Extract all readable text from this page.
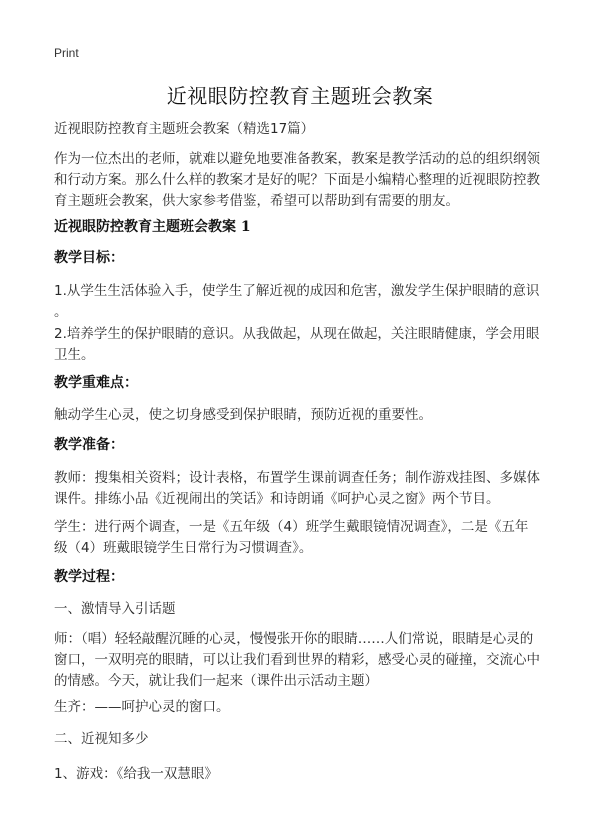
Print
近视眼防控教育主题班会教案
近视眼防控教育主题班会教案（精选17篇）
作为一位杰出的老师，就难以避免地要准备教案，教案是教学活动的总的组织纲领
和行动方案。那么什么样的教案才是好的呢？下面是小编精心整理的近视眼防控教
育主题班会教案，供大家参考借鉴，希望可以帮助到有需要的朋友。
近视眼防控教育主题班会教案 1
教学目标：
1.从学生生活体验入手，使学生了解近视的成因和危害，激发学生保护眼睛的意识
。
2.培养学生的保护眼睛的意识。从我做起，从现在做起，关注眼睛健康，学会用眼
卫生。
教学重难点：
触动学生心灵，使之切身感受到保护眼睛，预防近视的重要性。
教学准备：
教师：搜集相关资料；设计表格，布置学生课前调查任务；制作游戏挂图、多媒体
课件。排练小品《近视闹出的笑话》和诗朗诵《呵护心灵之窗》两个节目。
学生：进行两个调查，一是《五年级（4）班学生戴眼镜情况调查》，二是《五年
级（4）班戴眼镜学生日常行为习惯调查》。
教学过程：
一、激情导入引话题
师：（唱）轻轻敲醒沉睡的心灵，慢慢张开你的眼睛……人们常说，眼睛是心灵的
窗口，一双明亮的眼睛，可以让我们看到世界的精彩，感受心灵的碰撞，交流心中
的情感。今天，就让我们一起来（课件出示活动主题）
生齐：——呵护心灵的窗口。
二、近视知多少
1、游戏：《给我一双慧眼》
